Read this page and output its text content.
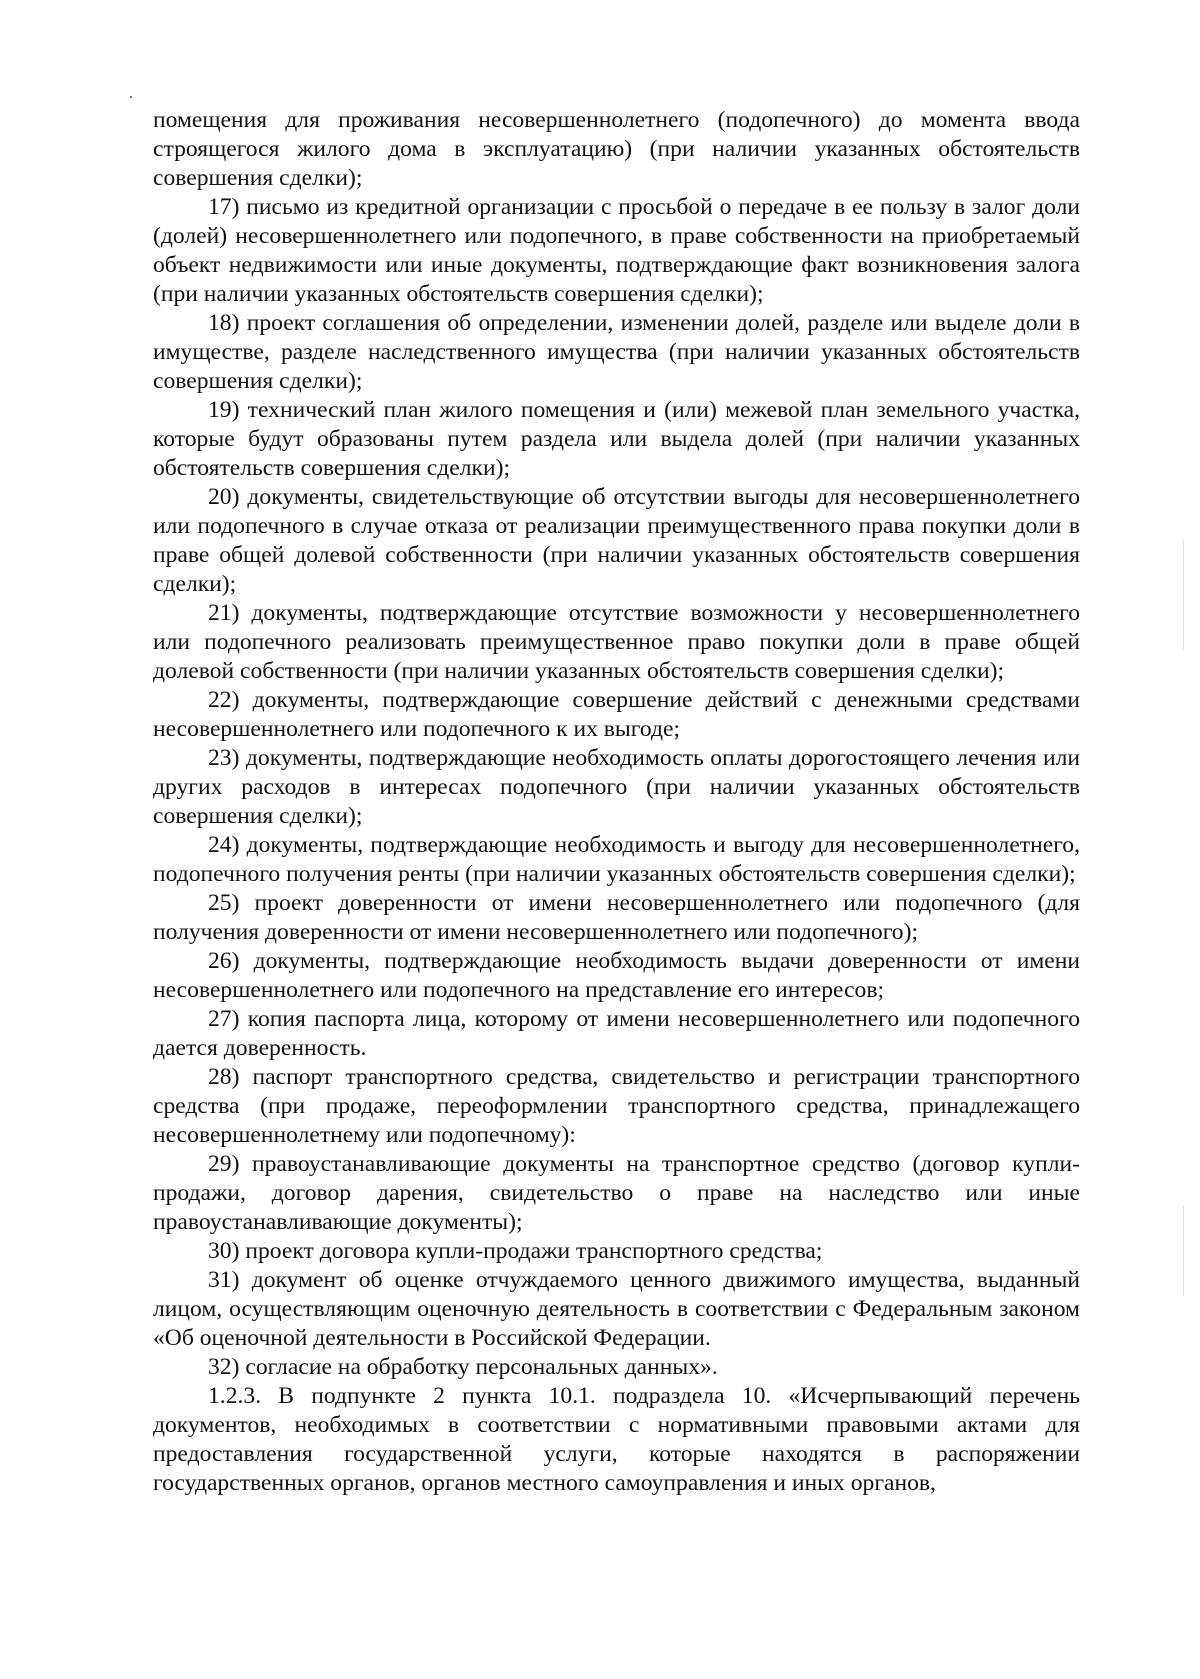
помещения для проживания несовершеннолетнего (подопечного) до момента ввода строящегося жилого дома в эксплуатацию) (при наличии указанных обстоятельств совершения сделки);

17) письмо из кредитной организации с просьбой о передаче в ее пользу в залог доли (долей) несовершеннолетнего или подопечного, в праве собственности на приобретаемый объект недвижимости или иные документы, подтверждающие факт возникновения залога (при наличии указанных обстоятельств совершения сделки);

18) проект соглашения об определении, изменении долей, разделе или выделе доли в имуществе, разделе наследственного имущества (при наличии указанных обстоятельств совершения сделки);

19) технический план жилого помещения и (или) межевой план земельного участка, которые будут образованы путем раздела или выдела долей (при наличии указанных обстоятельств совершения сделки);

20) документы, свидетельствующие об отсутствии выгоды для несовершеннолетнего или подопечного в случае отказа от реализации преимущественного права покупки доли в праве общей долевой собственности (при наличии указанных обстоятельств совершения сделки);

21) документы, подтверждающие отсутствие возможности у несовершеннолетнего или подопечного реализовать преимущественное право покупки доли в праве общей долевой собственности (при наличии указанных обстоятельств совершения сделки);

22) документы, подтверждающие совершение действий с денежными средствами несовершеннолетнего или подопечного к их выгоде;

23) документы, подтверждающие необходимость оплаты дорогостоящего лечения или других расходов в интересах подопечного (при наличии указанных обстоятельств совершения сделки);

24) документы, подтверждающие необходимость и выгоду для несовершеннолетнего, подопечного получения ренты (при наличии указанных обстоятельств совершения сделки);

25) проект доверенности от имени несовершеннолетнего или подопечного (для получения доверенности от имени несовершеннолетнего или подопечного);

26) документы, подтверждающие необходимость выдачи доверенности от имени несовершеннолетнего или подопечного на представление его интересов;

27) копия паспорта лица, которому от имени несовершеннолетнего или подопечного дается доверенность.

28) паспорт транспортного средства, свидетельство и регистрации транспортного средства (при продаже, переоформлении транспортного средства, принадлежащего несовершеннолетнему или подопечному):

29) правоустанавливающие документы на транспортное средство (договор купли-продажи, договор дарения, свидетельство о праве на наследство или иные правоустанавливающие документы);

30) проект договора купли-продажи транспортного средства;

31) документ об оценке отчуждаемого ценного движимого имущества, выданный лицом, осуществляющим оценочную деятельность в соответствии с Федеральным законом «Об оценочной деятельности в Российской Федерации.

32) согласие на обработку персональных данных».

1.2.3. В подпункте 2 пункта 10.1. подраздела 10. «Исчерпывающий перечень документов, необходимых в соответствии с нормативными правовыми актами для предоставления государственной услуги, которые находятся в распоряжении государственных органов, органов местного самоуправления и иных органов,
